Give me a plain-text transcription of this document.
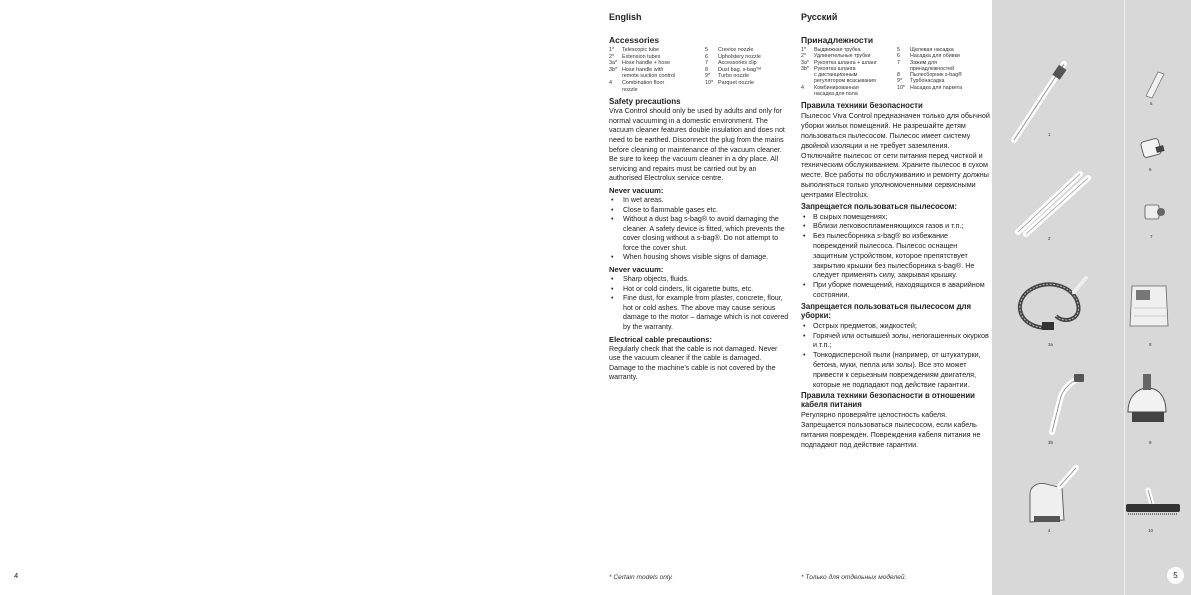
4
English
Accessories
1*	Telescopic tube
2*	Extension tubes
3a* Hose handle + hose
3b* Hose handle with
remote suction control
4	Combination floor
nozzle
5	Crevice nozzle
6	Upholstery nozzle
7	Accessories clip
8	Dust bag, s-bag™
9*	Turbo nozzle
10* Parquet nozzle
Safety precautions

Viva Control should only be used by adults and only for normal vacuuming in a domestic environment. The vacuum cleaner features double insulation and does not need to be earthed. Disconnect the plug from the mains before cleaning or maintenance of the vacuum cleaner. Be sure to keep the vacuum cleaner in a dry place. All servicing and repairs must be carried out by an authorised Electrolux service centre.

Never vacuum:
• In wet areas.
• Close to flammable gases etc.
• Without a dust bag s-bag® to avoid damaging the cleaner. A safety device is fitted, which prevents the cover closing without a s-bag®. Do not attempt to force the cover shut.
• When housing shows visible signs of damage.
Never vacuum:
• Sharp objects, fluids.
• Hot or cold cinders, lit cigarette butts, etc.
• Fine dust, for example from plaster, concrete, flour, hot or cold ashes. The above may cause serious damage to the motor – damage which is not covered by the warranty.
Electrical cable precautions:

Regularly check that the cable is not damaged. Never use the vacuum cleaner if the cable is damaged. Damage to the machine's cable is not covered by the warranty.

* Certain models only.
Русский
Принадлежности
1*	Выдвижная трубка
2*	Удлинительные трубки
3a* Рукоятка шланга + шланг
3b* Рукоятка шланга
с дистанционным
регулятором всасывания
4	Комбинированная
насадка для пола
5	Щелевая насадка
6	Насадка для обивки
7	Зажим для
принадлежностей
8	Пылесборник s-bag®
9*	Турбонасадка
10* Насадка для паркета
Правила техники безопасности

Пылесос Viva Control предназначен только для обычной уборки жилых помещений. Не разрешайте детям пользоваться пылесосом. Пылесос имеет систему двойной изоляции и не требует заземления. Отключайте пылесос от сети питания перед чисткой и техническим обслуживанием. Храните пылесос в сухом месте. Все работы по обслуживанию и ремонту должны выполняться только уполномоченными сервисными центрами Electrolux.

Запрещается пользоваться пылесосом:
• В сырых помещениях;
• Вблизи легковоспламеняющихся газов и т.п.;
• Без пылесборника s-bag® во избежание повреждений пылесоса. Пылесос оснащен защитным устройством, которое препятствует закрытию крышки без пылесборника s-bag®. Не следует применять силу, закрывая крышку.
• При уборке помещений, находящихся в аварийном состоянии.
Запрещается пользоваться пылесосом для уборки:
• Острых предметов, жидкостей;
• Горячей или остывшей золы, непогашенных окурков и т.п.;
• Тонкодисперсной пыли (например, от штукатурки, бетона, муки, пепла или золы). Все это может привести к серьезным повреждениям двигателя, которые не подпадают под действие гарантии.
Правила техники безопасности в отношении кабеля питания

Регулярно проверяйте целостность кабеля. Запрещается пользоваться пылесосом, если кабель питания поврежден. Повреждения кабеля питания не подпадают под действие гарантии.

* Только для отдельных моделей.
1
5
2
6
7
3a	8
3b	9
4	10
5
